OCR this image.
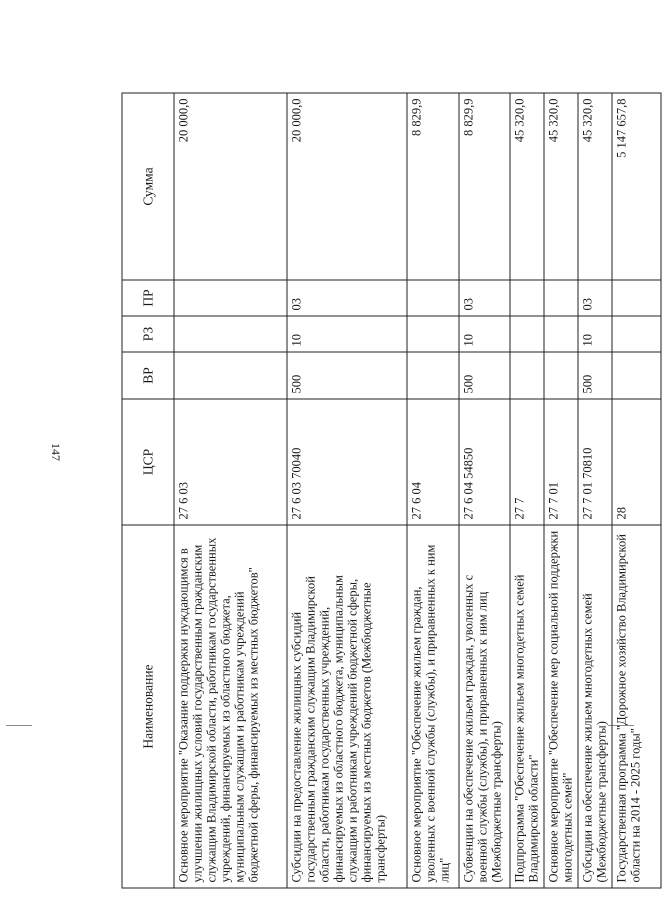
147
Наименование	ЦСР	ВР	РЗ	ПР	Сумма
Основное мероприятие "Оказание поддержки нуждающимся в улучшении жилищных условий государственным гражданским служащим Владимирской области, работникам государственных учреждений, финансируемых из областного бюджета, муниципальным служащим и работникам учреждений бюджетной сферы, финансируемых из местных бюджетов"	27 6 03				20 000,0
Субсидии на предоставление жилищных субсидий государственным гражданским служащим Владимирской области, работникам государственных учреждений, финансируемых из областного бюджета, муниципальным служащим и работникам учреждений бюджетной сферы, финансируемых из местных бюджетов (Межбюджетные трансферты)	27 6 03 70040	500	10	03	20 000,0
Основное мероприятие "Обеспечение жильем граждан, уволенных с военной службы (службы), и приравненных к ним лиц"	27 6 04				8 829,9
Субвенции на обеспечение жильем граждан, уволенных с военной службы (службы), и приравненных к ним лиц (Межбюджетные трансферты)	27 6 04 54850	500	10	03	8 829,9
Подпрограмма "Обеспечение жильем многодетных семей Владимирской области"	27 7				45 320,0
Основное мероприятие "Обеспечение мер социальной поддержки многодетных семей"	27 7 01				45 320,0
Субсидии на обеспечение жильем многодетных семей (Межбюджетные трансферты)	27 7 01 70810	500	10	03	45 320,0
Государственная программа "Дорожное хозяйство Владимирской области на 2014 - 2025 годы"	28				5 147 657,8
